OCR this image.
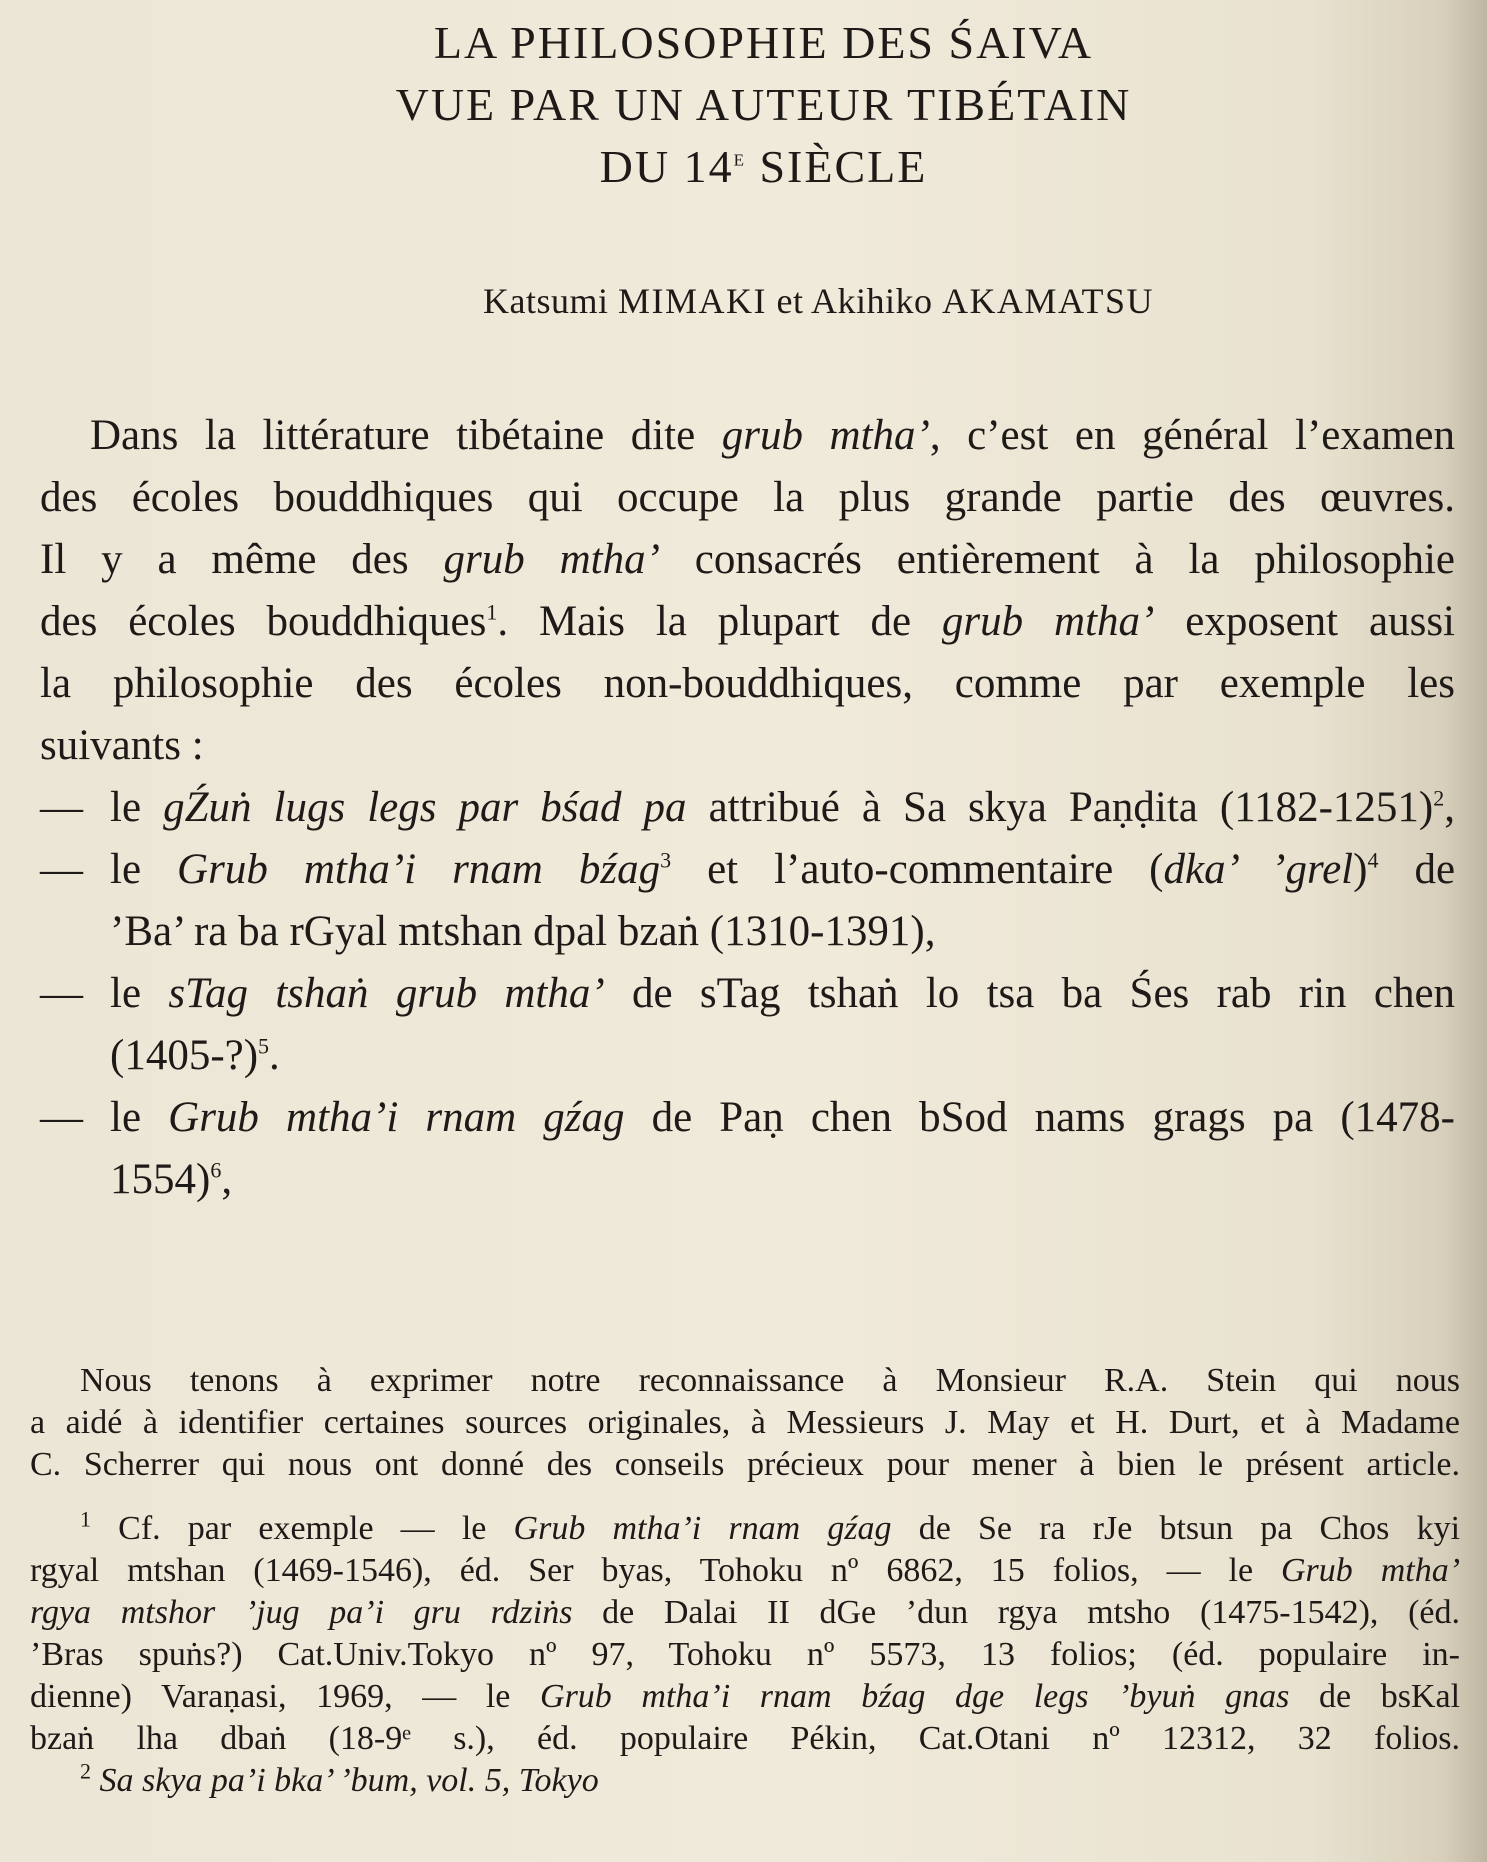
LA PHILOSOPHIE DES ŚAIVA
VUE PAR UN AUTEUR TIBÉTAIN
DU 14e SIÈCLE
Katsumi MIMAKI et Akihiko AKAMATSU
Dans la littérature tibétaine dite grub mtha’, c’est en général l’examen
des écoles bouddhiques qui occupe la plus grande partie des œuvres.
Il y a même des grub mtha’ consacrés entièrement à la philosophie
des écoles bouddhiques$^1$. Mais la plupart de grub mtha’ exposent aussi
la philosophie des écoles non-bouddhiques, comme par exemple les
suivants :
— le gŹuṅ lugs legs par bśad pa attribué à Sa skya Paṇḍita (1182-1251)$^2$,
— le Grub mtha’i rnam bźag$^3$ et l’auto-commentaire (dka’ ’grel)$^4$ de
’Ba’ ra ba rGyal mtshan dpal bzaṅ (1310-1391),
— le sTag tshaṅ grub mtha’ de sTag tshaṅ lo tsa ba Śes rab rin chen
(1405-?)$^5$.
— le Grub mtha’i rnam gźag de Paṇ chen bSod nams grags pa (1478-
1554)$^6$,
Nous tenons à exprimer notre reconnaissance à Monsieur R.A. Stein qui nous
a aidé à identifier certaines sources originales, à Messieurs J. May et H. Durt, et à Madame
C. Scherrer qui nous ont donné des conseils précieux pour mener à bien le présent article.
$^1$ Cf. par exemple — le Grub mtha’i rnam gźag de Se ra rJe btsun pa Chos kyi
rgyal mtshan (1469-1546), éd. Ser byas, Tohoku nº 6862, 15 folios, — le Grub mtha’
rgya mtshor ’jug pa’i gru rdziṅs de Dalai II dGe ’dun rgya mtsho (1475-1542), (éd.
’Bras spuṅs?) Cat.Univ.Tokyo nº 97, Tohoku nº 5573, 13 folios; (éd. populaire in-
dienne) Varaṇasi, 1969, — le Grub mtha’i rnam bźag dge legs ’byuṅ gnas de bsKal
bzaṅ lha dbaṅ (18-9ᵉ s.), éd. populaire Pékin, Cat.Otani nº 12312, 32 folios.
$^2$ Sa skya pa’i bka’ ’bum, vol. 5, Tokyo
